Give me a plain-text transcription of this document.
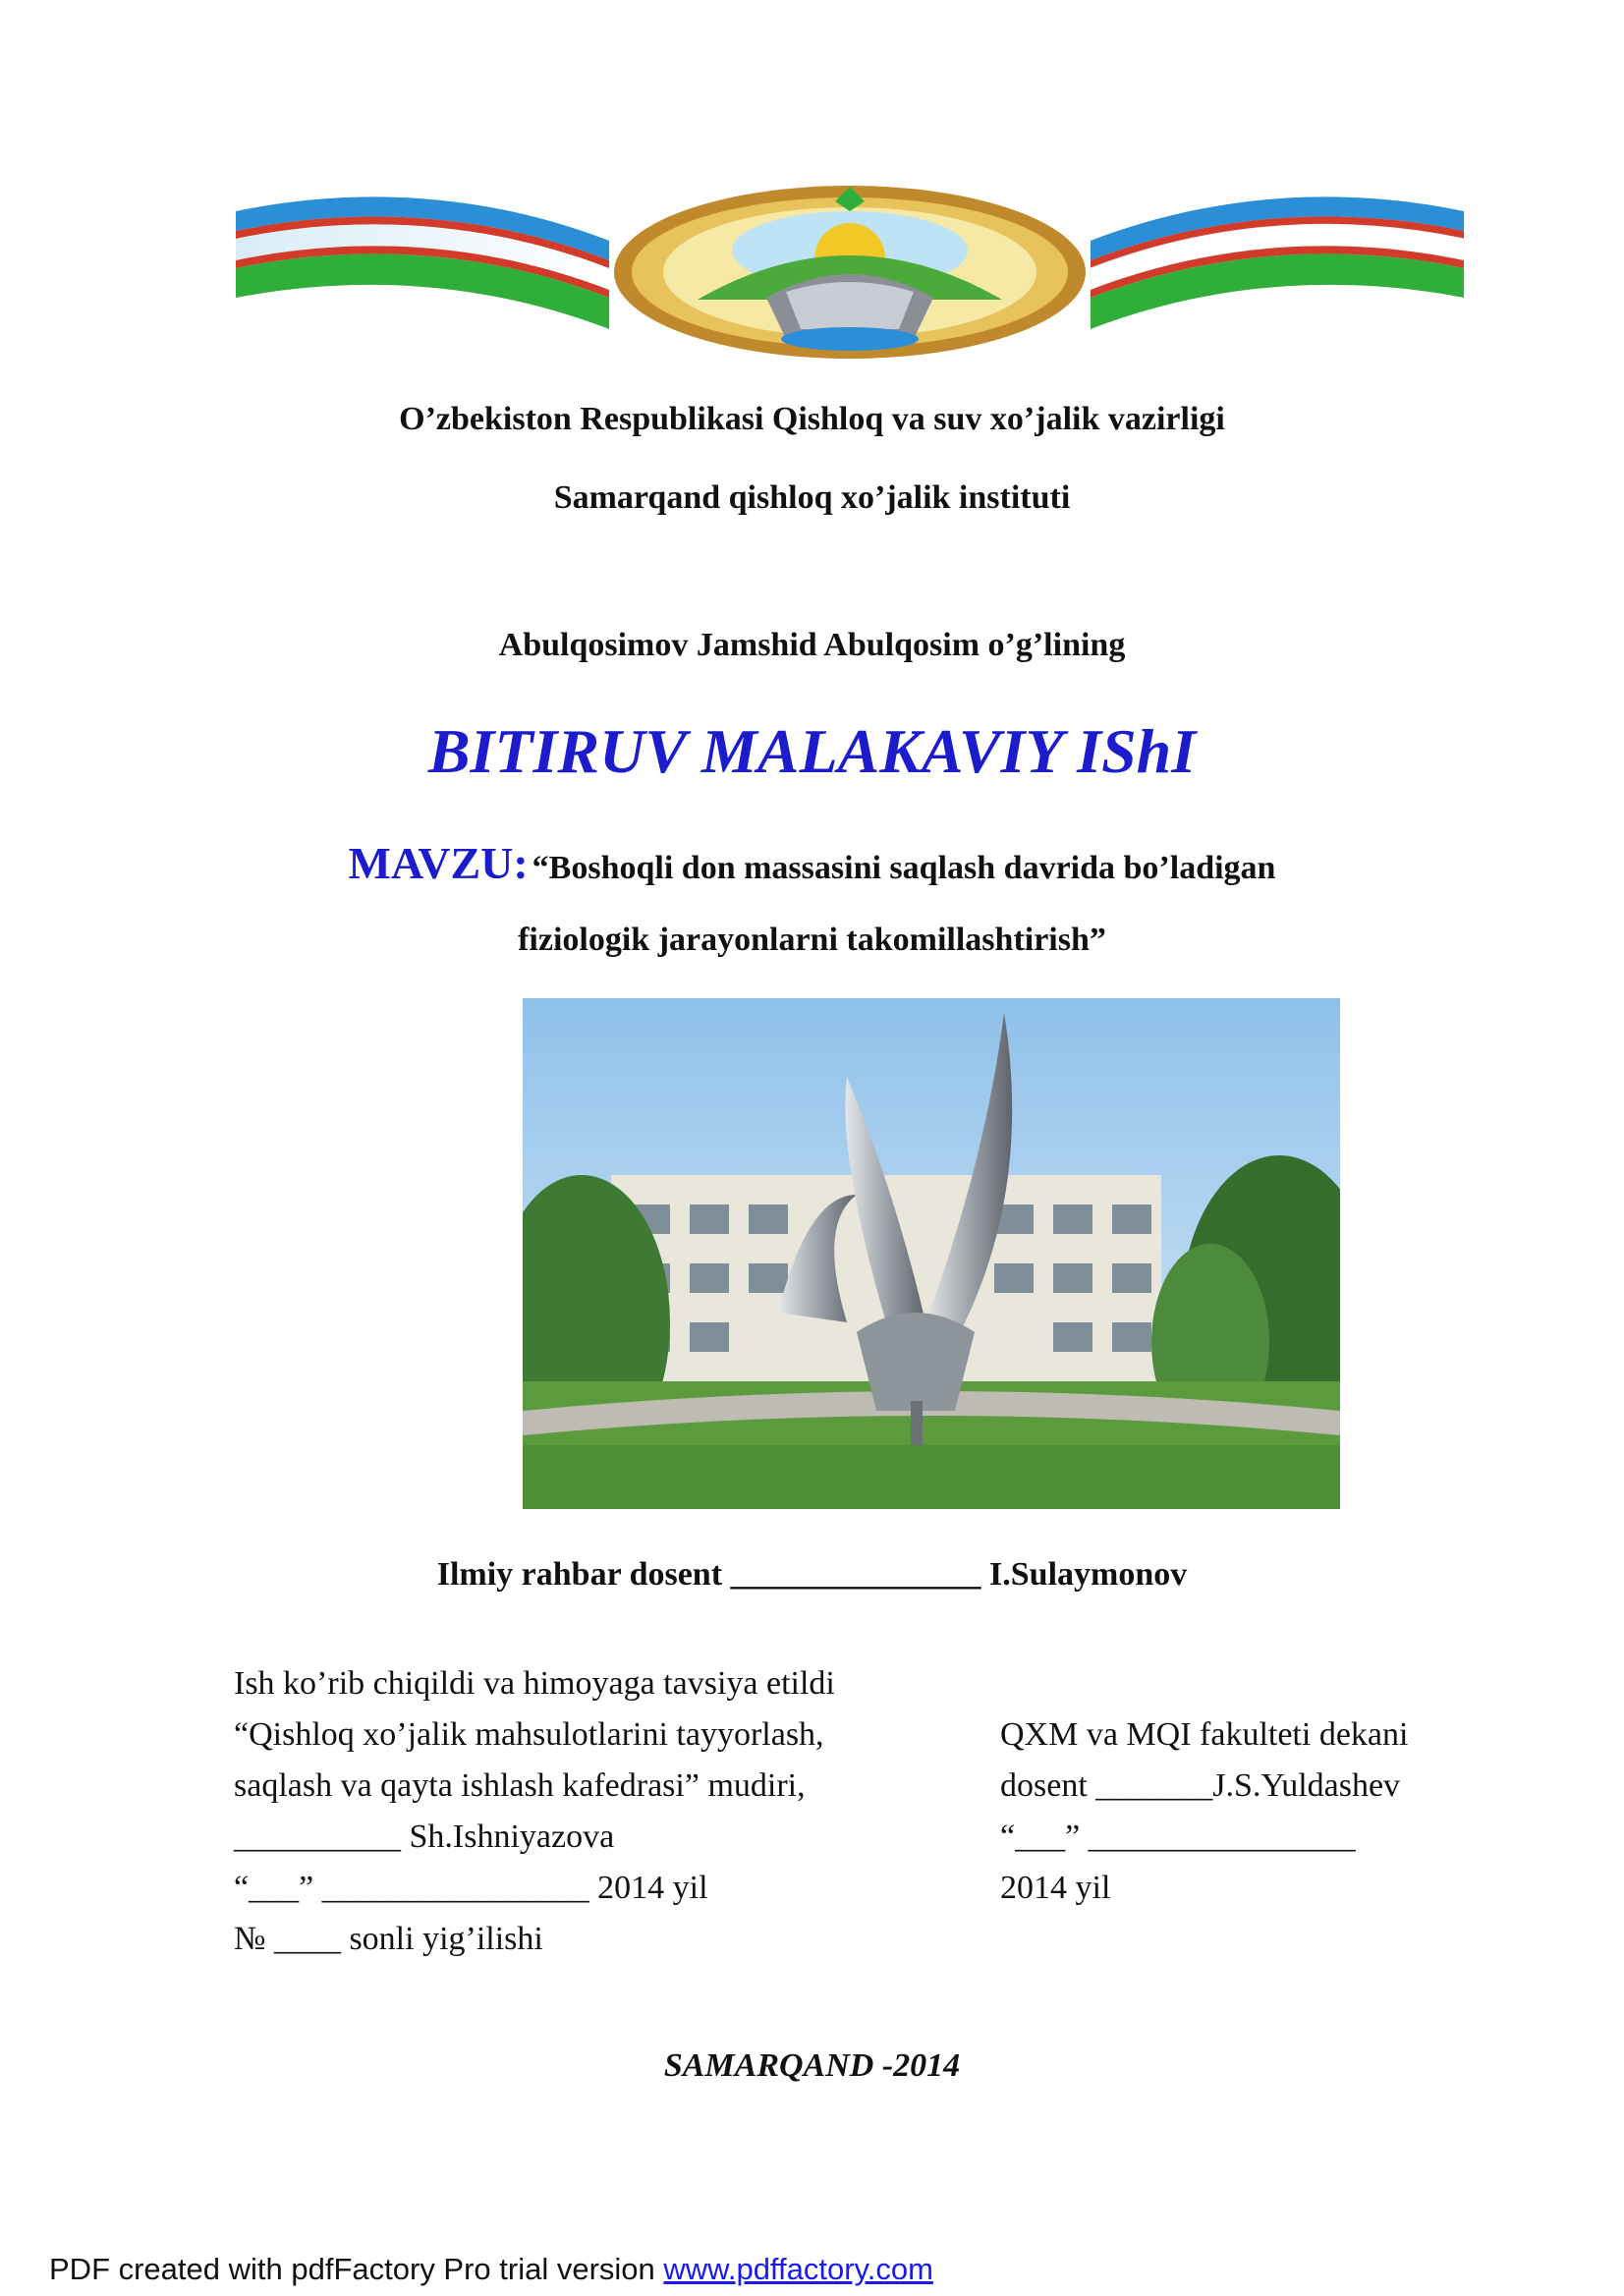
O’zbekiston Respublikasi Qishloq va suv xo’jalik vazirligi
Samarqand qishloq xo’jalik instituti
Abulqosimov Jamshid Abulqosim o’g’lining
BITIRUV MALAKAVIY IShI
MAVZU: “Boshoqli don massasini saqlash davrida bo’ladigan
fiziologik jarayonlarni takomillashtirish”
Ilmiy rahbar dosent _______________ I.Sulaymonov
Ish ko’rib chiqildi va himoyaga tavsiya etildi
“Qishloq xo’jalik mahsulotlarini tayyorlash,
saqlash va qayta ishlash kafedrasi” mudiri,
__________ Sh.Ishniyazova
“___” ________________ 2014 yil
№ ____ sonli yig’ilishi
QXM va MQI fakulteti dekani
dosent _______J.S.Yuldashev
“___” ________________
2014 yil
SAMARQAND -2014
PDF created with pdfFactory Pro trial version www.pdffactory.com
